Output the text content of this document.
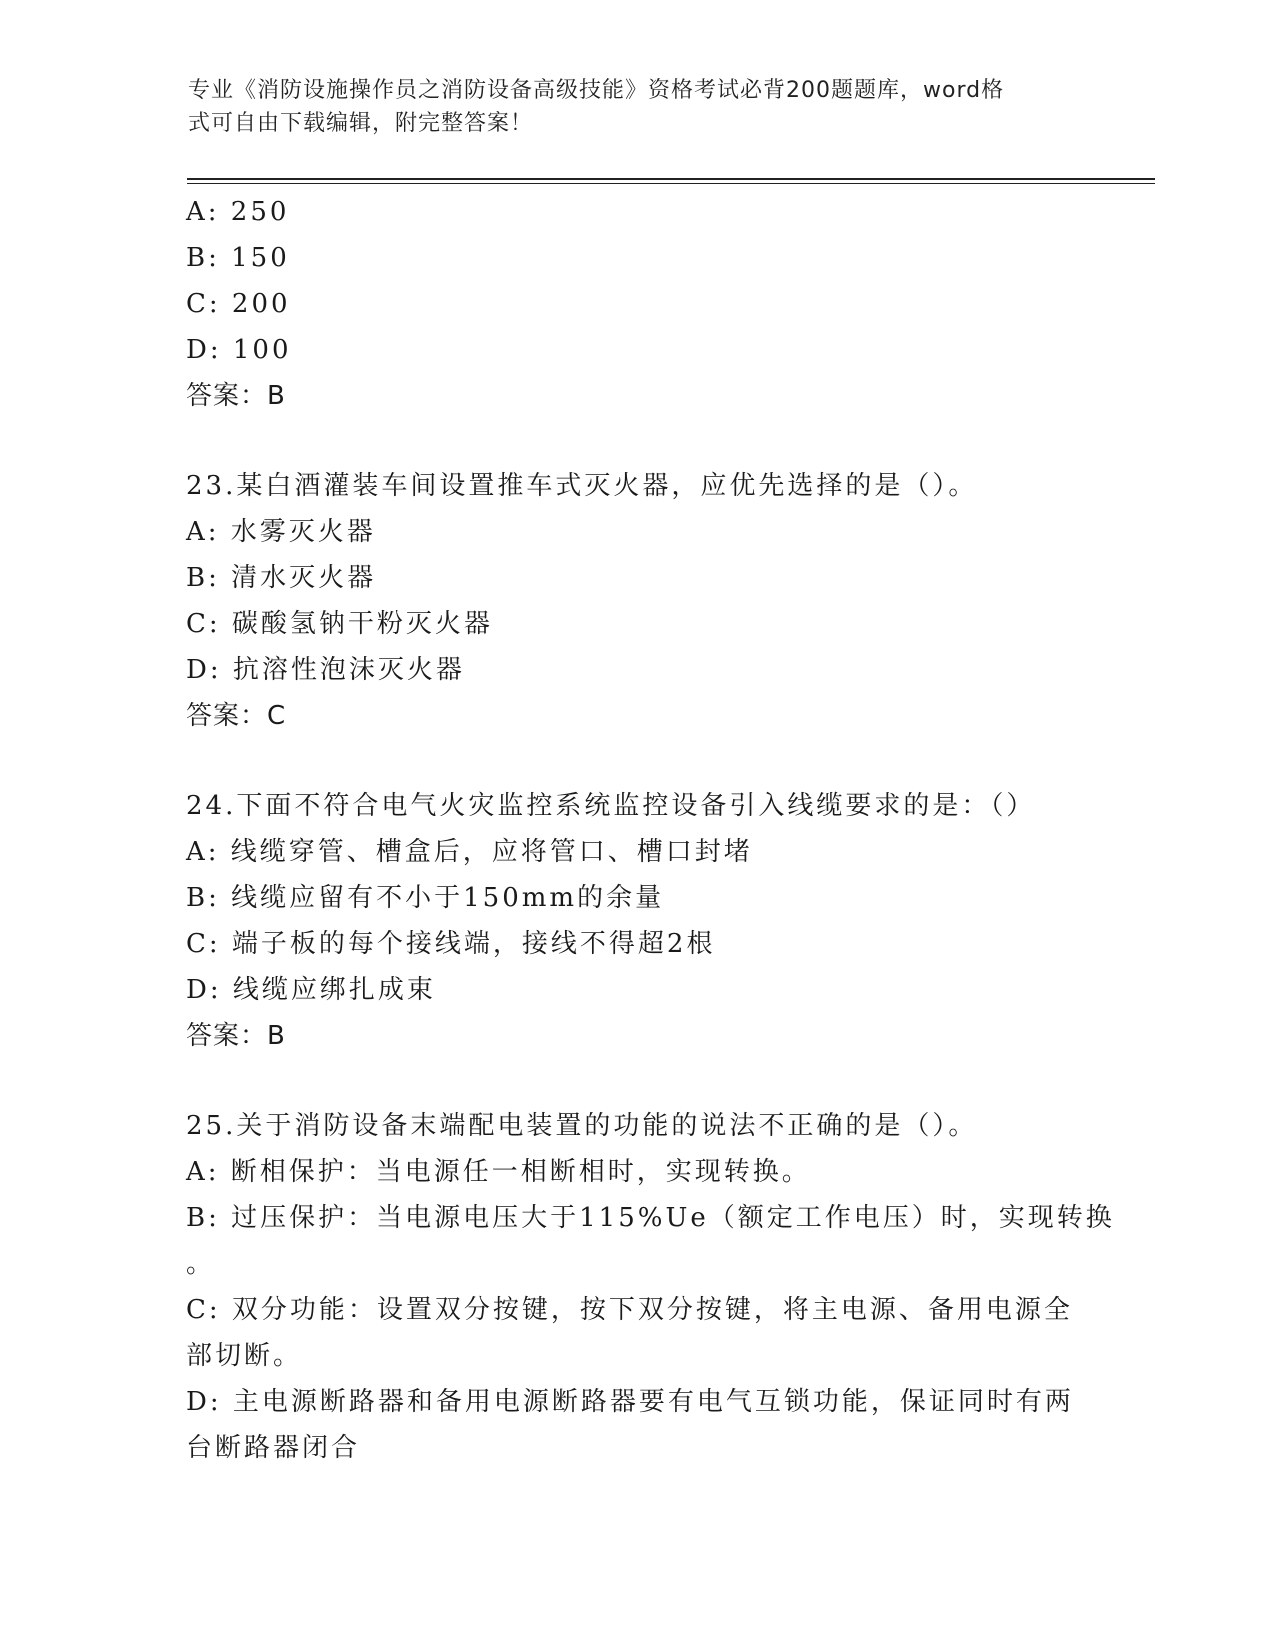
专业《消防设施操作员之消防设备高级技能》资格考试必背200题题库，word格
式可自由下载编辑，附完整答案！
A: 250
B: 150
C: 200
D: 100
答案：B
23.某白酒灌装车间设置推车式灭火器，应优先选择的是（）。
A: 水雾灭火器
B: 清水灭火器
C: 碳酸氢钠干粉灭火器
D: 抗溶性泡沫灭火器
答案：C
24.下面不符合电气火灾监控系统监控设备引入线缆要求的是：（）
A: 线缆穿管、槽盒后，应将管口、槽口封堵
B: 线缆应留有不小于150mm的余量
C: 端子板的每个接线端，接线不得超2根
D: 线缆应绑扎成束
答案：B
25.关于消防设备末端配电装置的功能的说法不正确的是（）。
A: 断相保护：当电源任一相断相时，实现转换。
B: 过压保护：当电源电压大于115%Ue（额定工作电压）时，实现转换
。
C: 双分功能：设置双分按键，按下双分按键，将主电源、备用电源全
部切断。
D: 主电源断路器和备用电源断路器要有电气互锁功能，保证同时有两
台断路器闭合
